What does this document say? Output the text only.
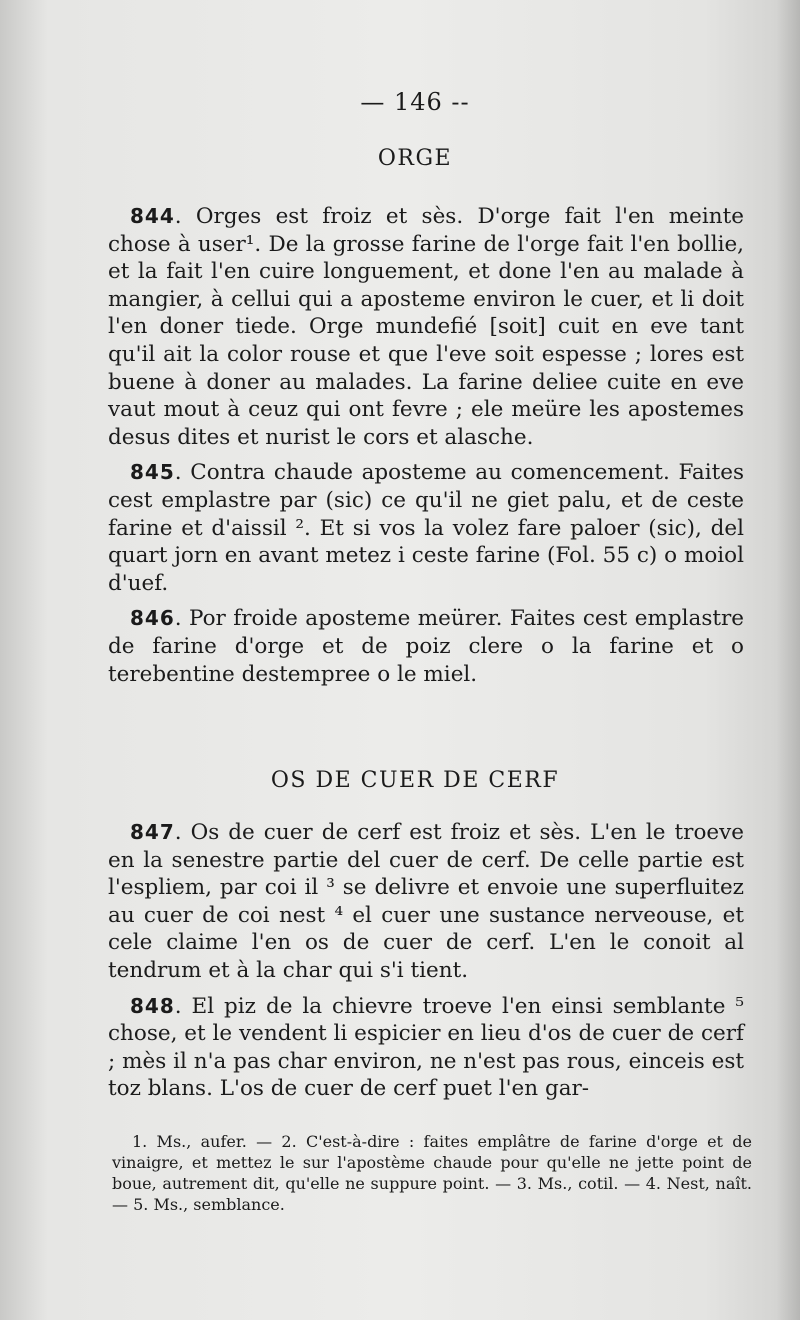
— 146 --
ORGE

844. Orges est froiz et sès. D'orge fait l'en meinte chose à user¹. De la grosse farine de l'orge fait l'en bollie, et la fait l'en cuire longuement, et done l'en au malade à mangier, à cellui qui a aposteme environ le cuer, et li doit l'en doner tiede. Orge mundefié [soit] cuit en eve tant qu'il ait la color rouse et que l'eve soit espesse ; lores est buene à doner au malades. La farine deliee cuite en eve vaut mout à ceuz qui ont fevre ; ele meüre les apostemes desus dites et nurist le cors et alasche.

845. Contra chaude aposteme au comencement. Faites cest emplastre par (sic) ce qu'il ne giet palu, et de ceste farine et d'aissil ². Et si vos la volez fare paloer (sic), del quart jorn en avant metez i ceste farine (Fol. 55 c) o moiol d'uef.

846. Por froide aposteme meürer. Faites cest emplastre de farine d'orge et de poiz clere o la farine et o terebentine destempree o le miel.

OS DE CUER DE CERF

847. Os de cuer de cerf est froiz et sès. L'en le troeve en la senestre partie del cuer de cerf. De celle partie est l'espliem, par coi il ³ se delivre et envoie une superfluitez au cuer de coi nest ⁴ el cuer une sustance nerveouse, et cele claime l'en os de cuer de cerf. L'en le conoit al tendrum et à la char qui s'i tient.

848. El piz de la chievre troeve l'en einsi semblante ⁵ chose, et le vendent li espicier en lieu d'os de cuer de cerf ; mès il n'a pas char environ, ne n'est pas rous, einceis est toz blans. L'os de cuer de cerf puet l'en gar-

1. Ms., aufer. — 2. C'est-à-dire : faites emplâtre de farine d'orge et de vinaigre, et mettez le sur l'apostème chaude pour qu'elle ne jette point de boue, autrement dit, qu'elle ne suppure point. — 3. Ms., cotil. — 4. Nest, naît. — 5. Ms., semblance.
